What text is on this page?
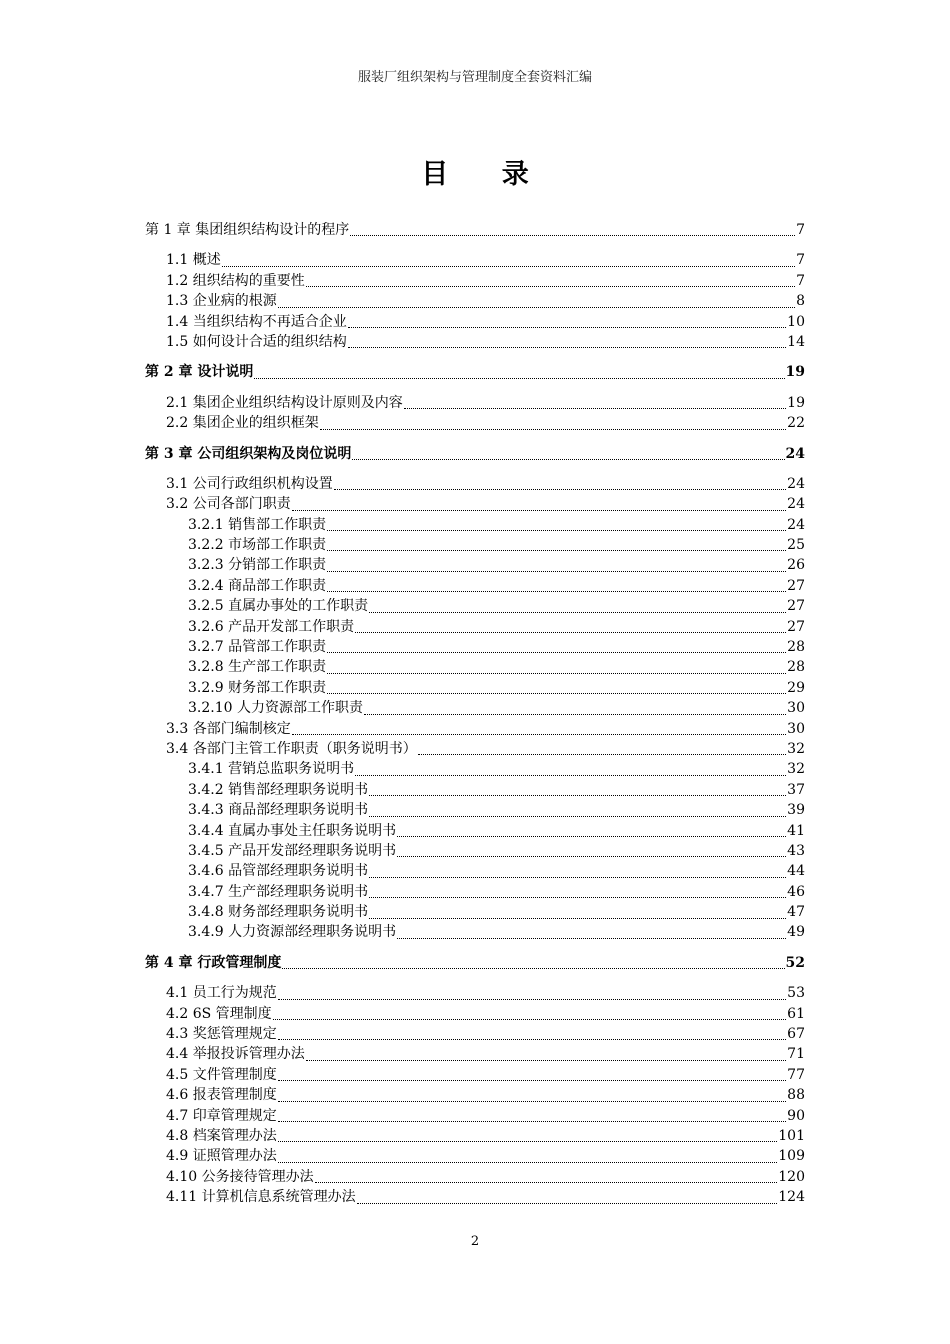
服装厂组织架构与管理制度全套资料汇编
目 录
第 1 章 集团组织结构设计的程序	7
1.1 概述	7
1.2 组织结构的重要性	7
1.3 企业病的根源	8
1.4 当组织结构不再适合企业	10
1.5 如何设计合适的组织结构	14
第 2 章 设计说明	19
2.1 集团企业组织结构设计原则及内容	19
2.2 集团企业的组织框架	22
第 3 章 公司组织架构及岗位说明	24
3.1 公司行政组织机构设置	24
3.2 公司各部门职责	24
3.2.1 销售部工作职责	24
3.2.2 市场部工作职责	25
3.2.3 分销部工作职责	26
3.2.4 商品部工作职责	27
3.2.5 直属办事处的工作职责	27
3.2.6 产品开发部工作职责	27
3.2.7 品管部工作职责	28
3.2.8 生产部工作职责	28
3.2.9 财务部工作职责	29
3.2.10 人力资源部工作职责	30
3.3 各部门编制核定	30
3.4 各部门主管工作职责（职务说明书）	32
3.4.1 营销总监职务说明书	32
3.4.2 销售部经理职务说明书	37
3.4.3 商品部经理职务说明书	39
3.4.4 直属办事处主任职务说明书	41
3.4.5 产品开发部经理职务说明书	43
3.4.6 品管部经理职务说明书	44
3.4.7 生产部经理职务说明书	46
3.4.8 财务部经理职务说明书	47
3.4.9 人力资源部经理职务说明书	49
第 4 章 行政管理制度	52
4.1 员工行为规范	53
4.2 6S 管理制度	61
4.3 奖惩管理规定	67
4.4 举报投诉管理办法	71
4.5 文件管理制度	77
4.6 报表管理制度	88
4.7 印章管理规定	90
4.8 档案管理办法	101
4.9 证照管理办法	109
4.10 公务接待管理办法	120
4.11 计算机信息系统管理办法	124
2
